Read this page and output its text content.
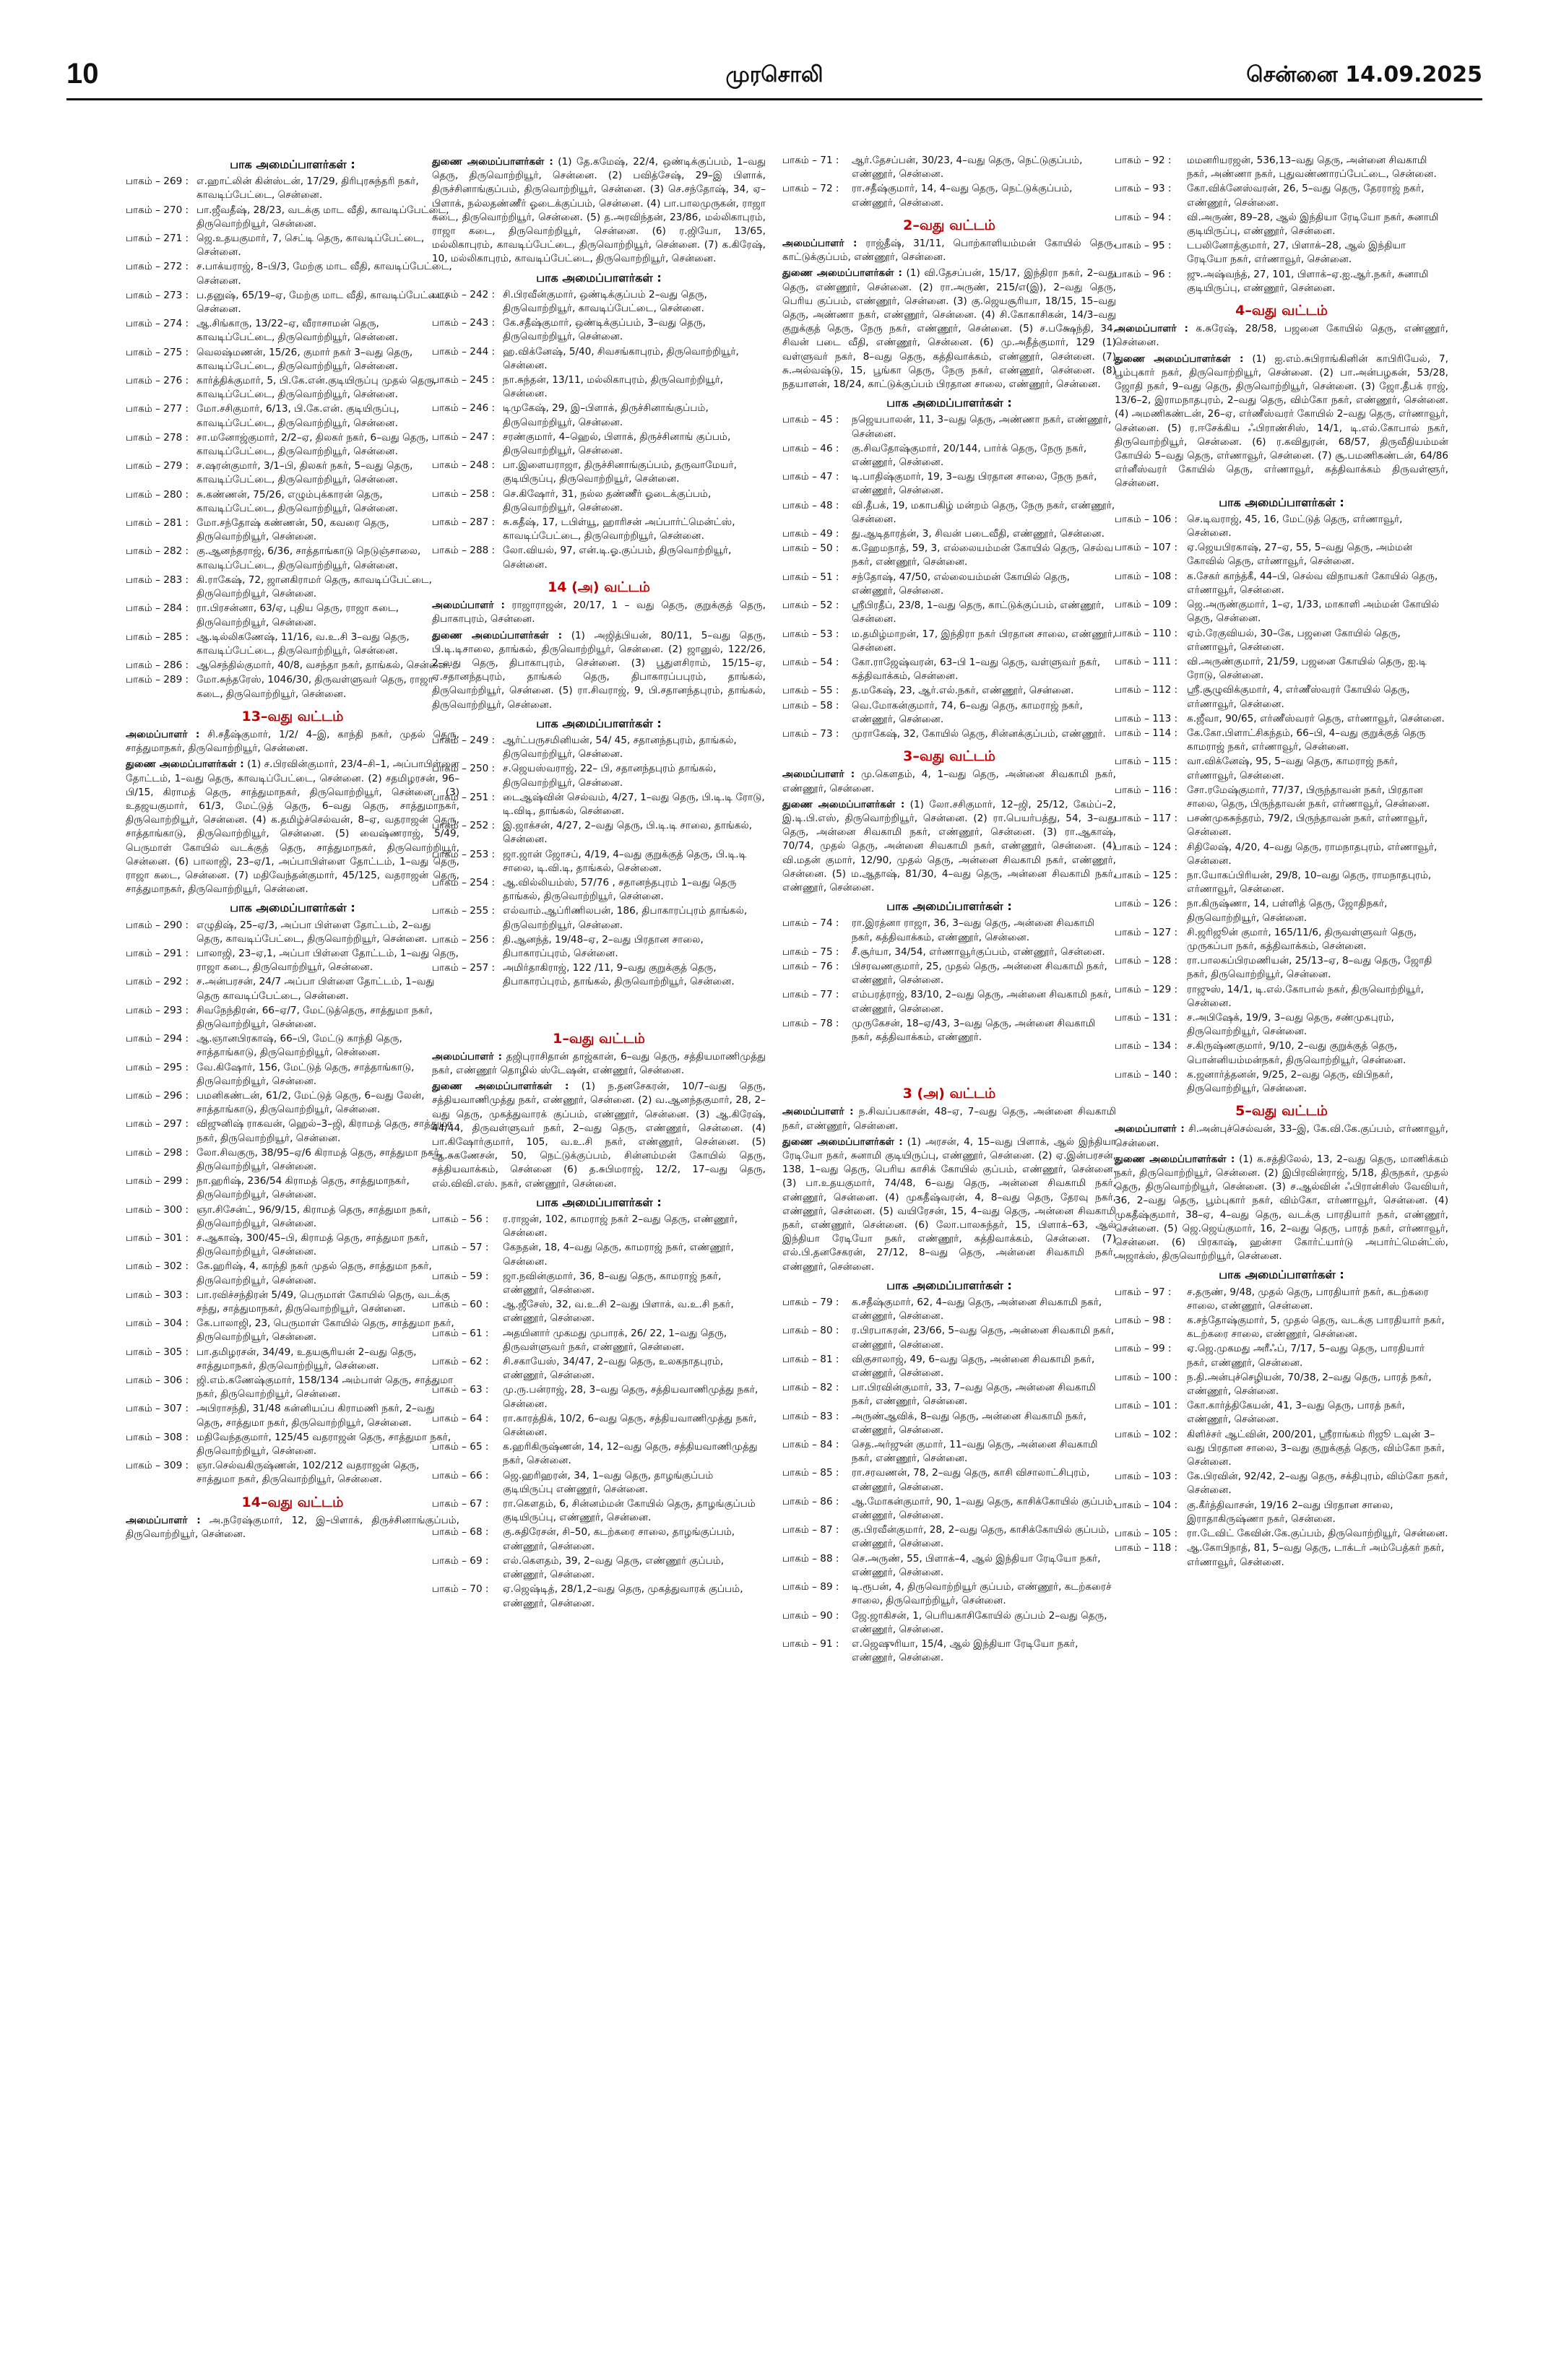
10	முரசொலி	சென்னை 14.09.2025
பாக அமைப்பாளர்கள் :
பாகம் – 269 : எ.ஹாட்லின் கின்ஸ்டன், 17/29, திரிபுரசுந்தரி நகர், காவடிப்பேட்டை, சென்னை.
பாகம் – 270 : பா.ஜீவதீஷ், 28/23, வடக்கு மாட வீதி, காவடிப்பேட்டை, திருவொற்றியூர், சென்னை.
பாகம் – 271 : ஜெ.உதயகுமார், 7, செட்டி தெரு, காவடிப்பேட்டை, சென்னை.
பாகம் – 272 : ச.பாக்யராஜ், 8–பி/3, மேற்கு மாட வீதி, காவடிப்பேட்டை, சென்னை.
பாகம் – 273 : ப.தனுஷ், 65/19–ஏ, மேற்கு மாட வீதி, காவடிப்பேட்டை, சென்னை.
பாகம் – 274 : ஆ.சிங்காரு, 13/22–ஏ, வீராசாமன் தெரு, காவடிப்பேட்டை, திருவொற்றியூர், சென்னை.
பாகம் – 275 : வெலஷ்மணன், 15/26, குமார் நகர் 3–வது தெரு, காவடிப்பேட்டை, திருவொற்றியூர், சென்னை.
பாகம் – 276 : கார்த்திக்குமார், 5, பி.கே.என்.குடியிருப்பு முதல் தெரு, காவடிப்பேட்டை, திருவொற்றியூர், சென்னை.
பாகம் – 277 : மோ.சசிகுமார், 6/13, பி.கே.என். குடியிருப்பு, காவடிப்பேட்டை, திருவொற்றியூர், சென்னை.
பாகம் – 278 : சா.மனோஜ்குமார், 2/2–ஏ, திலகர் நகர், 6–வது தெரு, காவடிப்பேட்டை, திருவொற்றியூர், சென்னை.
பாகம் – 279 : ச.ஷரன்குமார், 3/1–பி, திலகர் நகர், 5–வது தெரு, காவடிப்பேட்டை, திருவொற்றியூர், சென்னை.
பாகம் – 280 : சு.கண்ணன், 75/26, எழும்புக்காரன் தெரு, காவடிப்பேட்டை, திருவொற்றியூர், சென்னை.
பாகம் – 281 : மோ.சந்தோஷ் கண்ணன், 50, கவரை தெரு, திருவொற்றியூர், சென்னை.
பாகம் – 282 : கு.ஆனந்தராஜ், 6/36, சாத்தாங்காடு நெடுஞ்சாலை, காவடிப்பேட்டை, திருவொற்றியூர், சென்னை.
பாகம் – 283 : கி.ராகேஷ், 72, ஜானகிராமர் தெரு, காவடிப்பேட்டை, திருவொற்றியூர், சென்னை.
பாகம் – 284 : ரா.பிரசன்னா, 63/ஏ, புதிய தெரு, ராஜா கடை, திருவொற்றியூர், சென்னை.
பாகம் – 285 : ஆ.டில்லிகணேஷ், 11/16, வ.உ.சி 3–வது தெரு, காவடிப்பேட்டை, திருவொற்றியூர், சென்னை.
பாகம் – 286 : ஆசெந்தில்குமார், 40/8, வசந்தா நகர், தாங்கல், சென்னை.
பாகம் – 289 : மோ.சுந்தரேஸ், 1046/30, திருவள்ளுவர் தெரு, ராஜா கடை, திருவொற்றியூர், சென்னை.
13–வது வட்டம்
அமைப்பாளர் : சி.சதீஷ்குமார், 1/2/ 4–இ, காந்தி நகர், முதல் தெரு, சாத்துமாநகர், திருவொற்றியூர், சென்னை.
துணை அமைப்பாளர்கள் : (1) ச.பிரவின்குமார், 23/4–சி–1, அப்பாபிள்ளை தோட்டம், 1–வது தெரு, காவடிப்பேட்டை, சென்னை. (2) சதமிழரசன், 96–பி/15, கிராமத் தெரு, சாத்துமாநகர், திருவொற்றியூர், சென்னை. (3) உதஜயகுமார், 61/3, மேட்டுத் தெரு, 6–வது தெரு, சாத்துமாநகர், திருவொற்றியூர், சென்னை. (4) க.தமிழ்ச்செல்வன், 8–ஏ, வதராஜன் தெரு, சாத்தாங்காடு, திருவொற்றியூர், சென்னை. (5) வைஷ்ணராஜ், 5/49, பெருமாள் கோயில் வடக்குத் தெரு, சாத்துமாநகர், திருவொற்றியூர், சென்னை. (6) பாலாஜி, 23–ஏ/1, அப்பாபிள்ளை தோட்டம், 1–வது தெரு, ராஜா கடை, சென்னை. (7) மதிவேந்தன்குமார், 45/125, வதராஜன் தெரு, சாத்துமாநகர், திருவொற்றியூர், சென்னை.
பாக அமைப்பாளர்கள் :
பாகம் – 290 : எழுதிஷ், 25–ஏ/3, அப்பா பிள்ளை தோட்டம், 2–வது தெரு, காவடிப்பேட்டை, திருவொற்றியூர், சென்னை.
பாகம் – 291 : பாலாஜி, 23–ஏ,1, அப்பா பிள்ளை தோட்டம், 1–வது தெரு, ராஜா கடை, திருவொற்றியூர், சென்னை.
பாகம் – 292 : ச.அன்பரசன், 24/7 அப்பா பிள்ளை தோட்டம், 1–வது தெரு காவடிப்பேட்டை, சென்னை.
பாகம் – 293 : சிவநேந்திரன், 66–ஏ/7, மேட்டுத்தெரு, சாத்துமா நகர், திருவொற்றியூர், சென்னை.
பாகம் – 294 : ஆ.ஞானபிரகாஷ், 66–பி, மேட்டு காந்தி தெரு, சாத்தாங்காடு, திருவொற்றியூர், சென்னை.
பாகம் – 295 : வே.கிஷோர், 156, மேட்டுத் தெரு, சாத்தாங்காடு, திருவொற்றியூர், சென்னை.
பாகம் – 296 : பமனிகண்டன், 61/2, மேட்டுத் தெரு, 6–வது லேன், சாத்தாங்காடு, திருவொற்றியூர், சென்னை.
பாகம் – 297 : விஜுனிஷ் ராகவன், ஹெல்–3–ஜி, கிராமத் தெரு, சாத்துமா நகர், திருவொற்றியூர், சென்னை.
பாகம் – 298 : லோ.சிவகுரு, 38/95–ஏ/6 கிராமத் தெரு, சாத்துமா நகர், திருவொற்றியூர், சென்னை.
பாகம் – 299 : நா.ஹரிஷ், 236/54 கிராமத் தெரு, சாத்துமாநகர், திருவொற்றியூர், சென்னை.
பாகம் – 300 : ஞா.சிசேன்ட், 96/9/15, கிராமத் தெரு, சாத்துமா நகர், திருவொற்றியூர், சென்னை.
பாகம் – 301 : ச.ஆகாஷ், 300/45–பி, கிராமத் தெரு, சாத்துமா நகர், திருவொற்றியூர், சென்னை.
பாகம் – 302 : கே.ஹரிஷ், 4, காந்தி நகர் முதல் தெரு, சாத்துமா நகர், திருவொற்றியூர், சென்னை.
பாகம் – 303 : பா.ரவிச்சந்திரன் 5/49, பெருமாள் கோயில் தெரு, வடக்கு சந்து, சாத்துமாநகர், திருவொற்றியூர், சென்னை.
பாகம் – 304 : கே.பாலாஜி, 23, பெருமாள் கோயில் தெரு, சாத்துமா நகர், திருவொற்றியூர், சென்னை.
பாகம் – 305 : பா.தமிழரசன், 34/49, உதயசூரியன் 2–வது தெரு, சாத்துமாநகர், திருவொற்றியூர், சென்னை.
பாகம் – 306 : ஜி.எம்.கணேஷ்குமார், 158/134 அம்பாள் தெரு, சாத்துமா நகர், திருவொற்றியூர், சென்னை.
பாகம் – 307 : அபிராசந்தி, 31/48 கன்னியப்ப கிராமணி நகர், 2–வது தெரு, சாத்துமா நகர், திருவொற்றியூர், சென்னை.
பாகம் – 308 : மதிவேந்தகுமார், 125/45 வதராஜன் தெரு, சாத்துமா நகர், திருவொற்றியூர், சென்னை.
பாகம் – 309 : ஞா.செல்வகிருஷ்ணன், 102/212 வதராஜன் தெரு, சாத்துமா நகர், திருவொற்றியூர், சென்னை.
14–வது வட்டம்
அமைப்பாளர் : அ.நரேஷ்குமார், 12, இ–பிளாக், திருச்சினாங்குப்பம், திருவொற்றியூர், சென்னை.
துணை அமைப்பாளர்கள் : (1) தே.கமேஷ், 22/4, ஒண்டிக்குப்பம், 1–வது தெரு, திருவொற்றியூர், சென்னை. (2) பவித்சேஷ், 29–இ பிளாக், திருச்சினாங்குப்பம், திருவொற்றியூர், சென்னை. (3) செ.சந்தோஷ், 34, ஏ– பிளாக், நல்லதண்ணீர் ஓடைக்குப்பம், சென்னை. (4) பா.பாலமுருகன், ராஜா கடை, திருவொற்றியூர், சென்னை. (5) த.அரவிந்தன், 23/86, மல்லிகாபுரம், ராஜா கடை, திருவொற்றியூர், சென்னை. (6) ர.ஜியோ, 13/65, மல்லிகாபுரம், காவடிப்பேட்டை, திருவொற்றியூர், சென்னை. (7) க.கிரேஷ், 10, மல்லிகாபுரம், காவடிப்பேட்டை, திருவொற்றியூர், சென்னை.
பாக அமைப்பாளர்கள் :
பாகம் – 242 : சி.பிரவீன்குமார், ஒண்டிக்குப்பம் 2–வது தெரு, திருவொற்றியூர், காவடிப்பேட்டை, சென்னை.
பாகம் – 243 : கே.சதீஷ்குமார், ஒண்டிக்குப்பம், 3–வது தெரு, திருவொற்றியூர், சென்னை.
பாகம் – 244 : ஹ.விக்னேஷ், 5/40, சிவசங்காபுரம், திருவொற்றியூர், சென்னை.
பாகம் – 245 : நா.சுந்தன், 13/11, மல்லிகாபுரம், திருவொற்றியூர், சென்னை.
பாகம் – 246 : டிமுகேஷ், 29, இ–பிளாக், திருச்சினாங்குப்பம், திருவொற்றியூர், சென்னை.
பாகம் – 247 : சரண்குமார், 4–ஹெல், பிளாக், திருச்சினாங் குப்பம், திருவொற்றியூர், சென்னை.
பாகம் – 248 : பா.இளையராஜா, திருச்சினாங்குப்பம், தருவாமேயர், குடியிருப்பு, திருவொற்றியூர், சென்னை.
பாகம் – 258 : செ.கிஷோர், 31, நல்ல தண்ணீர் ஓடைக்குப்பம், திருவொற்றியூர், சென்னை.
பாகம் – 287 : சு.கதீஷ், 17, டபிள்யூ, ஹாரிசன் அப்பார்ட்மென்ட்ஸ், காவடிப்பேட்டை, திருவொற்றியூர், சென்னை.
பாகம் – 288 : லோ.வியல், 97, என்.டி.ஓ.குப்பம், திருவொற்றியூர், சென்னை.
14 (அ) வட்டம்
அமைப்பாளர் : ராஜாராஜன், 20/17, 1 – வது தெரு, குறுக்குத் தெரு, திபாகாபுரம், சென்னை.
துணை அமைப்பாளர்கள் : (1) அஜித்பியன், 80/11, 5–வது தெரு, பி.டி.டிசாலை, தாங்கல், திருவொற்றியூர், சென்னை. (2) ஜானுல், 122/26, 2–வது தெரு, திபாகாபுரம், சென்னை. (3) பூதுளசிராம், 15/15–ஏ, ஏ.சதானந்தபுரம், தாங்கல் தெரு, திபாகாரப்பபுரம், தாங்கல், திருவொற்றியூர், சென்னை. (5) ரா.சிவராஜ், 9, பி.சதானந்தபுரம், தாங்கல், திருவொற்றியூர், சென்னை.
பாக அமைப்பாளர்கள் :
பாகம் – 249 : ஆர்ட்பருசமினியன், 54/ 45, சதானந்தபுரம், தாங்கல், திருவொற்றியூர், சென்னை.
பாகம் – 250 : ச.ஜெயஸ்வராஜ், 22– பி, சதானந்தபுரம் தாங்கல், திருவொற்றியூர், சென்னை.
பாகம் – 251 : டைஆஷ்வின் செல்வம், 4/27, 1–வது தெரு, பி.டி.டி ரோடு, டி.விடி, தாங்கல், சென்னை.
பாகம் – 252 : இ.ஜாக்சன், 4/27, 2–வது தெரு, பி.டி.டி சாலை, தாங்கல், சென்னை.
பாகம் – 253 : ஜா.ஜான் ஜோசப், 4/19, 4–வது குறுக்குத் தெரு, பி.டி.டி சாலை, டி.வி.டி, தாங்கல், சென்னை.
பாகம் – 254 : ஆ.வில்லியம்ஸ், 57/76 , சதானந்தபுரம் 1–வது தெரு தாங்கல், திருவொற்றியூர், சென்னை.
பாகம் – 255 : எல்வாம்.ஆப்ரிணிலபன், 186, திபாகாரப்புரம் தாங்கல், திருவொற்றியூர், சென்னை.
பாகம் – 256 : தி.ஆனந்த், 19/48–ஏ, 2–வது பிரதான சாலை, திபாகாரப்புரம், சென்னை.
பாகம் – 257 : அமிர்தாகிராஜ், 122 /11, 9–வது குறுக்குத் தெரு, திபாகாரப்புரம், தாங்கல், திருவொற்றியூர், சென்னை.
1–வது வட்டம்
அமைப்பாளர் : தஜிபுராசிதான் தாஜ்கான், 6–வது தெரு, சத்தியமாணிமுத்து நகர், எண்ணூர் தொழில் ஸ்டேஷன், எண்ணூர், சென்னை.
துணை அமைப்பாளர்கள் : (1) ந.தனசேகரன், 10/7–வது தெரு, சத்தியவாணிமுத்து நகர், எண்ணூர், சென்னை. (2) வ.ஆனந்தகுமார், 28, 2–வது தெரு, முகத்துவாரக் குப்பம், எண்ணூர், சென்னை. (3) ஆ.கிரேஷ், 44/44, திருவள்ளுவர் நகர், 2–வது தெரு, எண்ணூர், சென்னை. (4) பா.கிஷோர்குமார், 105, வ.உ.சி நகர், எண்ணூர், சென்னை. (5) ஆ.சுகணேசன், 50, நெட்டுக்குப்பம், சின்னம்மன் கோயில் தெரு, சத்தியவாக்கம், சென்னை (6) த.சுபிமராஜ், 12/2, 17–வது தெரு, எல்.விவி.எஸ். நகர், எண்ணூர், சென்னை.
பாக அமைப்பாளர்கள் :
பாகம் – 56 :	ர.ராஜன், 102, காமராஜ் நகர் 2–வது தெரு, எண்ணூர், சென்னை.
பாகம் – 57 :	கேநதன், 18, 4–வது தெரு, காமராஜ் நகர், எண்ணூர், சென்னை.
பாகம் – 59 :	ஜா.நவின்குமார், 36, 8–வது தெரு, காமராஜ் நகர், எண்ணூர், சென்னை.
பாகம் – 60 :	ஆ.ஜீசேஸ், 32, வ.உ.சி 2–வது பிளாக், வ.உ.சி நகர், எண்ணூர், சென்னை.
பாகம் – 61 :	அதயினார் முகமது முபாரக், 26/ 22, 1–வது தெரு, திருவள்ளுவர் நகர், எண்ணூர், சென்னை.
பாகம் – 62 :	சி.சகாயேஸ், 34/47, 2–வது தெரு, உலகநாதபுரம், எண்ணூர், சென்னை.
பாகம் – 63 :	மு.ரு.பன்ராஜ், 28, 3–வது தெரு, சத்தியவாணிமுத்து நகர், சென்னை.
பாகம் – 64 :	ரா.காரத்திக், 10/2, 6–வது தெரு, சத்தியவாணிமுத்து நகர், சென்னை.
பாகம் – 65 :	க.ஹரிகிருஷ்ணன், 14, 12–வது தெரு, சத்தியவாணிமுத்து நகர், சென்னை.
பாகம் – 66 :	ஜெ.ஹரிஹரன், 34, 1–வது தெரு, தாழங்குப்பம் குடியிருப்பு எண்ணூர், சென்னை.
பாகம் – 67 :	ரா.கௌதம், 6, சின்னம்மன் கோயில் தெரு, தாழங்குப்பம் குடியிருப்பு, எண்ணூர், சென்னை.
பாகம் – 68 :	கு.சுதிரேசன், சி–50, கடற்கரை சாலை, தாழங்குப்பம், எண்ணூர், சென்னை.
பாகம் – 69 :	எல்.கௌதம், 39, 2–வது தெரு, எண்ணூர் குப்பம், எண்ணூர், சென்னை.
பாகம் – 70 :	ஏ.ஜெஷ்டித், 28/1,2–வது தெரு, முகத்துவாரக் குப்பம், எண்ணூர், சென்னை.
பாகம் – 71 :	ஆர்.தேசப்பன், 30/23, 4–வது தெரு, நெட்டுகுப்பம், எண்ணூர், சென்னை.
பாகம் – 72 :	ரா.சதீஷ்குமார், 14, 4–வது தெரு, நெட்டுக்குப்பம், எண்ணூர், சென்னை.
2–வது வட்டம்
அமைப்பாளர் : ராஜ்தீஷ், 31/11, பொற்காளியம்மன் கோயில் தெரு, காட்டுக்குப்பம், எண்ணூர், சென்னை.
துணை அமைப்பாளர்கள் : (1) வி.தேசப்பன், 15/17, இந்திரா நகர், 2–வது தெரு, எண்ணூர், சென்னை. (2) ரா.அருண், 215/எ(இ), 2–வது தெரு, பெரிய குப்பம், எண்ணூர், சென்னை. (3) கு.ஜெயசூரியா, 18/15, 15–வது தெரு, அண்ணா நகர், எண்ணூர், சென்னை. (4) சி.கோகாசிகன், 14/3–வது குறுக்குத் தெரு, நேரு நகர், எண்ணூர், சென்னை. (5) ச.பக்ஷேந்தி, 34, சிவன் படை வீதி, எண்ணூர், சென்னை. (6) மு.அதீத்குமார், 129 (1) வள்ளுவர் நகர், 8–வது தெரு, கத்திவாக்கம், எண்ணூர், சென்னை. (7) சு.அல்வஷ்டு, 15, பூங்கா தெரு, நேரு நகர், எண்ணூர், சென்னை. (8) நதயாளன், 18/24, காட்டுக்குப்பம் பிரதான சாலை, எண்ணூர், சென்னை.
பாக அமைப்பாளர்கள் :
பாகம் – 45 :	நஜெயபாலன், 11, 3–வது தெரு, அண்ணா நகர், எண்ணூர், சென்னை.
பாகம் – 46 :	கு.சிவதோஷ்குமார், 20/144, பார்க் தெரு, நேரு நகர், எண்ணூர், சென்னை.
பாகம் – 47 :	டி.பாதிஷ்குமார், 19, 3–வது பிரதான சாலை, நேரு நகர், எண்ணூர், சென்னை.
பாகம் – 48 :	வி.தீபக், 19, மகாபகிழ் மன்றம் தெரு, நேரு நகர், எண்ணூர், சென்னை.
பாகம் – 49 :	து.ஆடிதாரத்ன், 3, சிவன் படைவீதி, எண்ணூர், சென்னை.
பாகம் – 50 :	க.ஹேமநாத், 59, 3, எல்லையம்மன் கோயில் தெரு, செல்வ நகர், எண்ணூர், சென்னை.
பாகம் – 51 :	சந்தோஷ், 47/50, எல்லையம்மன் கோயில் தெரு, எண்ணூர், சென்னை.
பாகம் – 52 :	ஸ்ரீபிரதீப், 23/8, 1–வது தெரு, காட்டுக்குப்பம், எண்ணூர், சென்னை.
பாகம் – 53 :	ம.தமிழ்மாறன், 17, இந்திரா நகர் பிரதான சாலை, எண்ணூர், சென்னை.
பாகம் – 54 :	கோ.ராஜேஷ்வரன், 63–பி 1–வது தெரு, வள்ளுவர் நகர், கத்திவாக்கம், சென்னை.
பாகம் – 55 :	த.மகேஷ், 23, ஆர்.எல்.நகர், எண்ணூர், சென்னை.
பாகம் – 58 :	வெ.மோகன்குமார், 74, 6–வது தெரு, காமராஜ் நகர், எண்ணூர், சென்னை.
பாகம் – 73 :	முராகேஷ், 32, கோயில் தெரு, சின்னக்குப்பம், எண்ணூர்.
3–வது வட்டம்
அமைப்பாளர் : மு.கௌதம், 4, 1–வது தெரு, அன்னை சிவகாமி நகர், எண்ணூர், சென்னை.
துணை அமைப்பாளர்கள் : (1) லோ.சசிகுமார், 12–ஜி, 25/12, கேம்ப்–2, இ.டி.பி.எஸ், திருவொற்றியூர், சென்னை. (2) ரா.பெயர்பத்து, 54, 3–வது தெரு, அன்னை சிவகாமி நகர், எண்ணூர், சென்னை. (3) ரா.ஆகாஷ், 70/74, முதல் தெரு, அன்னை சிவகாமி நகர், எண்ணூர், சென்னை. (4) வி.மதன் குமார், 12/90, முதல் தெரு, அன்னை சிவகாமி நகர், எண்ணூர், சென்னை. (5) ம.ஆதாஷ், 81/30, 4–வது தெரு, அன்னை சிவகாமி நகர், எண்ணூர், சென்னை.
பாக அமைப்பாளர்கள் :
பாகம் – 74 :	ரா.இரத்னா ராஜா, 36, 3–வது தெரு, அன்னை சிவகாமி நகர், கத்திவாக்கம், எண்ணூர், சென்னை.
பாகம் – 75 :	சீ.சூர்யா, 34/54, எர்ணாவூர்குப்பம், எண்ணூர், சென்னை.
பாகம் – 76 :	பிசரவணகுமார், 25, முதல் தெரு, அன்னை சிவகாமி நகர், எண்ணூர், சென்னை.
பாகம் – 77 :	எம்பரத்ராஜ், 83/10, 2–வது தெரு, அன்னை சிவகாமி நகர், எண்ணூர், சென்னை.
பாகம் – 78 :	முருகேசன், 18–ஏ/43, 3–வது தெரு, அன்னை சிவகாமி நகர், கத்திவாக்கம், எண்ணூர்.
3 (அ) வட்டம்
அமைப்பாளர் : ந.சிவப்பகாசன், 48–ஏ, 7–வது தெரு, அன்னை சிவகாமி நகர், எண்ணூர், சென்னை.
துணை அமைப்பாளர்கள் : (1) அரசன், 4, 15–வது பிளாக், ஆல் இந்தியா ரேடியோ நகர், சுனாமி குடியிருப்பு, எண்ணூர், சென்னை. (2) ஏ.இன்பரசன், 138, 1–வது தெரு, பெரிய காசிக் கோயில் குப்பம், எண்ணூர், சென்னை. (3) பா.உதயகுமார், 74/48, 6–வது தெரு, அன்னை சிவகாமி நகர், எண்ணூர், சென்னை. (4) முகதீஷ்வரன், 4, 8–வது தெரு, தேரவு நகர், எண்ணூர், சென்னை. (5) வயிரேசன், 15, 4–வது தெரு, அன்னை சிவகாமி நகர், எண்ணூர், சென்னை. (6) லோ.பாலசுந்தர், 15, பிளாக்–63, ஆல் இந்தியா ரேடியோ நகர், எண்ணூர், கத்திவாக்கம், சென்னை. (7) எல்.பி.தனசேகரன், 27/12, 8–வது தெரு, அன்னை சிவகாமி நகர், எண்ணூர், சென்னை.
பாக அமைப்பாளர்கள் :
பாகம் – 79 :	க.சதீஷ்குமார், 62, 4–வது தெரு, அன்னை சிவகாமி நகர், எண்ணூர், சென்னை.
பாகம் – 80 :	ர.பிரபாகரன், 23/66, 5–வது தெரு, அன்னை சிவகாமி நகர், எண்ணூர், சென்னை.
பாகம் – 81 :	விகுசாலாஜ், 49, 6–வது தெரு, அன்னை சிவகாமி நகர், எண்ணூர், சென்னை.
பாகம் – 82 :	பா.பிரவின்குமார், 33, 7–வது தெரு, அன்னை சிவகாமி நகர், எண்ணூர், சென்னை.
பாகம் – 83 :	அருண்ஆவிக், 8–வது தெரு, அன்னை சிவகாமி நகர், எண்ணூர், சென்னை.
பாகம் – 84 :	செத.அர்ஜுன் குமார், 11–வது தெரு, அன்னை சிவகாமி நகர், எண்ணூர், சென்னை.
பாகம் – 85 :	ரா.சரவணன், 78, 2–வது தெரு, காசி விசாலாட்சிபுரம், எண்ணூர், சென்னை.
பாகம் – 86 :	ஆ.மோகன்குமார், 90, 1–வது தெரு, காசிக்கோயில் குப்பம், எண்ணூர், சென்னை.
பாகம் – 87 :	கு.பிரவீன்குமார், 28, 2–வது தெரு, காசிக்கோயில் குப்பம், எண்ணூர், சென்னை.
பாகம் – 88 :	செ.அருண், 55, பிளாக்–4, ஆல் இந்தியா ரேடியோ நகர், எண்ணூர், சென்னை.
பாகம் – 89 :	டி.ரூபன், 4, திருவொற்றியூர் குப்பம், எண்ணூர், கடற்கரைச் சாலை, திருவொற்றியூர், சென்னை.
பாகம் – 90 :	ஜே.ஜாகிசன், 1, பெரியகாசிகோயில் குப்பம் 2–வது தெரு, எண்ணூர், சென்னை.
பாகம் – 91 :	எ.ஜெஷுரியா, 15/4, ஆல் இந்தியா ரேடியோ நகர், எண்ணூர், சென்னை.
பாகம் – 92 :	மமனரியரஜன், 536,13–வது தெரு, அன்னை சிவகாமி நகர், அண்ணா நகர், புதுவண்ணாரப்பேட்டை, சென்னை.
பாகம் – 93 :	கோ.விக்னேஸ்வரன், 26, 5–வது தெரு, தேரராஜ் நகர், எண்ணூர், சென்னை.
பாகம் – 94 :	வி.அருண், 89–28, ஆல் இந்தியா ரேடியோ நகர், சுனாமி குடியிருப்பு, எண்ணூர், சென்னை.
பாகம் – 95 :	டபலினோத்குமார், 27, பிளாக்–28, ஆல் இந்தியா ரேடியோ நகர், எர்ணாவூர், சென்னை.
பாகம் – 96 :	ஜு.அஷ்வந்த், 27, 101, பிளாக்–ஏ.ஐ.ஆர்.நகர், சுனாமி குடியிருப்பு, எண்ணூர், சென்னை.
4–வது வட்டம்
அமைப்பாளர் : க.சுரேஷ், 28/58, பஜனை கோயில் தெரு, எண்ணூர், சென்னை.
துணை அமைப்பாளர்கள் : (1) ஐ.எம்.சுபிராங்கினின் காபிரியேல், 7, பூம்புகார் நகர், திருவொற்றியூர், சென்னை. (2) பா.அன்பழகன், 53/28, ஜோதி நகர், 9–வது தெரு, திருவொற்றியூர், சென்னை. (3) ஜோ.தீபக் ராஜ், 13/6–2, இராமநாதபுரம், 2–வது தெரு, விம்கோ நகர், எண்ணூர், சென்னை. (4) அமணிகண்டன், 26–ஏ, எர்ணீஸ்வரர் கோயில் 2–வது தெரு, எர்ணாவூர், சென்னை. (5) ர.ஈசேக்கிய ஃபிராண்சிஸ், 14/1, டி.எல்.கோபால் நகர், திருவொற்றியூர், சென்னை. (6) ர.கவிதுரன், 68/57, திருவீதியம்மன் கோயில் 5–வது தெரு, எர்ணாவூர், சென்னை. (7) சூ.பமணிகண்டன், 64/86 எர்னீஸ்வரர் கோயில் தெரு, எர்ணாவூர், கத்திவாக்கம் திருவள்ளூர், சென்னை.
பாக அமைப்பாளர்கள் :
பாகம் – 106 : செ.டிவராஜ், 45, 16, மேட்டுத் தெரு, எர்ணாவூர், சென்னை.
பாகம் – 107 : ஏ.ஜெயபிரகாஷ், 27–ஏ, 55, 5–வது தெரு, அம்மன் கோவில் தெரு, எர்ணாவூர், சென்னை.
பாகம் – 108 : க.சேகர் காந்த்கீ, 44–பி, செல்வ விநாயகர் கோயில் தெரு, எர்ணாவூர், சென்னை.
பாகம் – 109 : ஜெ.அருண்குமார், 1–ஏ, 1/33, மாகாளி அம்மன் கோயில் தெரு, சென்னை.
பாகம் – 110 : ஏம்.ரேகுவியல், 30–கே, பஜனை கோயில் தெரு, எர்ணாவூர், சென்னை.
பாகம் – 111 : வி.அருண்குமார், 21/59, பஜனை கோயில் தெரு, ஐ.டி ரோடு, சென்னை.
பாகம் – 112 : ஸ்ரீ.சூழுவிக்குமார், 4, எர்ணீஸ்வரர் கோயில் தெரு, எர்ணாவூர், சென்னை.
பாகம் – 113 : க.ஜீவா, 90/65, எர்ணீஸ்வரர் தெரு, எர்ணாவூர், சென்னை.
பாகம் – 114 : கே.கோ.பிளாட்சிகந்தம், 66–பி, 4–வது குறுக்குத் தெரு காமராஜ் நகர், எர்ணாவூர், சென்னை.
பாகம் – 115 : வா.விக்னேஷ், 95, 5–வது தெரு, காமராஜ் நகர், எர்ணாவூர், சென்னை.
பாகம் – 116 : சோ.ரமேஷ்குமார், 77/37, பிருந்தாவன் நகர், பிரதான சாலை, தெரு, பிருந்தாவன் நகர், எர்ணாவூர், சென்னை.
பாகம் – 117 : பசண்முகசுந்தரம், 79/2, பிருந்தாவன் நகர், எர்ணாவூர், சென்னை.
பாகம் – 124 : சிதிலேஷ், 4/20, 4–வது தெரு, ராமநாதபுரம், எர்ணாவூர், சென்னை.
பாகம் – 125 : நா.யோகப்பிரியன், 29/8, 10–வது தெரு, ராமநாதபுரம், எர்ணாவூர், சென்னை.
பாகம் – 126 : நா.கிருஷ்ணா, 14, பள்ளித் தெரு, ஜோதிநகர், திருவொற்றியூர், சென்னை.
பாகம் – 127 : சி.ஜரிஜூன் குமார், 165/11/6, திருவள்ளுவர் தெரு, முருகப்பா நகர், கத்திவாக்கம், சென்னை.
பாகம் – 128 : ரா.பாலகப்பிரமணியன், 25/13–ஏ, 8–வது தெரு, ஜோதி நகர், திருவொற்றியூர், சென்னை.
பாகம் – 129 : ராஜுஸ், 14/1, டி.எல்.கோபால் நகர், திருவொற்றியூர், சென்னை.
பாகம் – 131 : ச.அபிஷேக், 19/9, 3–வது தெரு, சண்முகபுரம், திருவொற்றியூர், சென்னை.
பாகம் – 134 : ச.கிருஷ்ணகுமார், 9/10, 2–வது குறுக்குத் தெரு, பொன்னியம்மன்நகர், திருவொற்றியூர், சென்னை.
பாகம் – 140 : க.ஜனார்த்தனன், 9/25, 2–வது தெரு, விபிநகர், திருவொற்றியூர், சென்னை.
5–வது வட்டம்
அமைப்பாளர் : சி.அன்புச்செல்வன், 33–இ, கே.வி.கே.குப்பம், எர்ணாவூர், சென்னை.
துணை அமைப்பாளர்கள் : (1) க.சத்திலேல், 13, 2–வது தெரு, மாணிக்கம் நகர், திருவொற்றியூர், சென்னை. (2) இபிரவின்ராஜ், 5/18, திருநகர், முதல் தெரு, திருவொற்றியூர், சென்னை. (3) ச.ஆல்வின் ஃபிரான்சிஸ் வேவியர், 36, 2–வது தெரு, பூம்புகார் நகர், விம்கோ, எர்ணாவூர், சென்னை. (4) முகதீஷ்குமார், 38–ஏ, 4–வது தெரு, வடக்கு பாரதியார் நகர், எண்ணூர், சென்னை. (5) ஜெ.ஜெய்குமார், 16, 2–வது தெரு, பாரத் நகர், எர்ணாவூர், சென்னை. (6) பிரகாஷ், ஹன்சா கோர்ட்யார்டு அபார்ட்மென்ட்ஸ், அஜாக்ஸ், திருவொற்றியூர், சென்னை.
பாக அமைப்பாளர்கள் :
பாகம் – 97 :	ச.தருண், 9/48, முதல் தெரு, பாரதியார் நகர், கடற்கரை சாலை, எண்ணூர், சென்னை.
பாகம் – 98 :	க.சந்தோஷ்குமார், 5, முதல் தெரு, வடக்கு பாரதியார் நகர், கடற்கரை சாலை, எண்ணூர், சென்னை.
பாகம் – 99 :	ஏ.ஜெ.முகமது அரீஃப், 7/17, 5–வது தெரு, பாரதியார் நகர், எண்ணூர், சென்னை.
பாகம் – 100 : ந.தி.அன்புச்செழியன், 70/38, 2–வது தெரு, பாரத் நகர், எண்ணூர், சென்னை.
பாகம் – 101 : கோ.கார்த்திகேயன், 41, 3–வது தெரு, பாரத் நகர், எண்ணூர், சென்னை.
பாகம் – 102 : கிளிச்சர் ஆட்வின், 200/201, ஸ்ரீராங்கம் ரிஜூ டவுன் 3–வது பிரதான சாலை, 3–வது குறுக்குத் தெரு, விம்கோ நகர், சென்னை.
பாகம் – 103 : கே.பிரவின், 92/42, 2–வது தெரு, சக்திபுரம், விம்கோ நகர், சென்னை.
பாகம் – 104 : கு.கீர்த்திவாசன், 19/16 2–வது பிரதான சாலை, இராதாகிருஷ்ணா நகர், சென்னை.
பாகம் – 105 : ரா.டேவிட் கேவின்.கே.குப்பம், திருவொற்றியூர், சென்னை.
பாகம் – 118 : ஆ.கோபிநாத், 81, 5–வது தெரு, டாக்டர் அம்பேத்கர் நகர், எர்ணாவூர், சென்னை.
